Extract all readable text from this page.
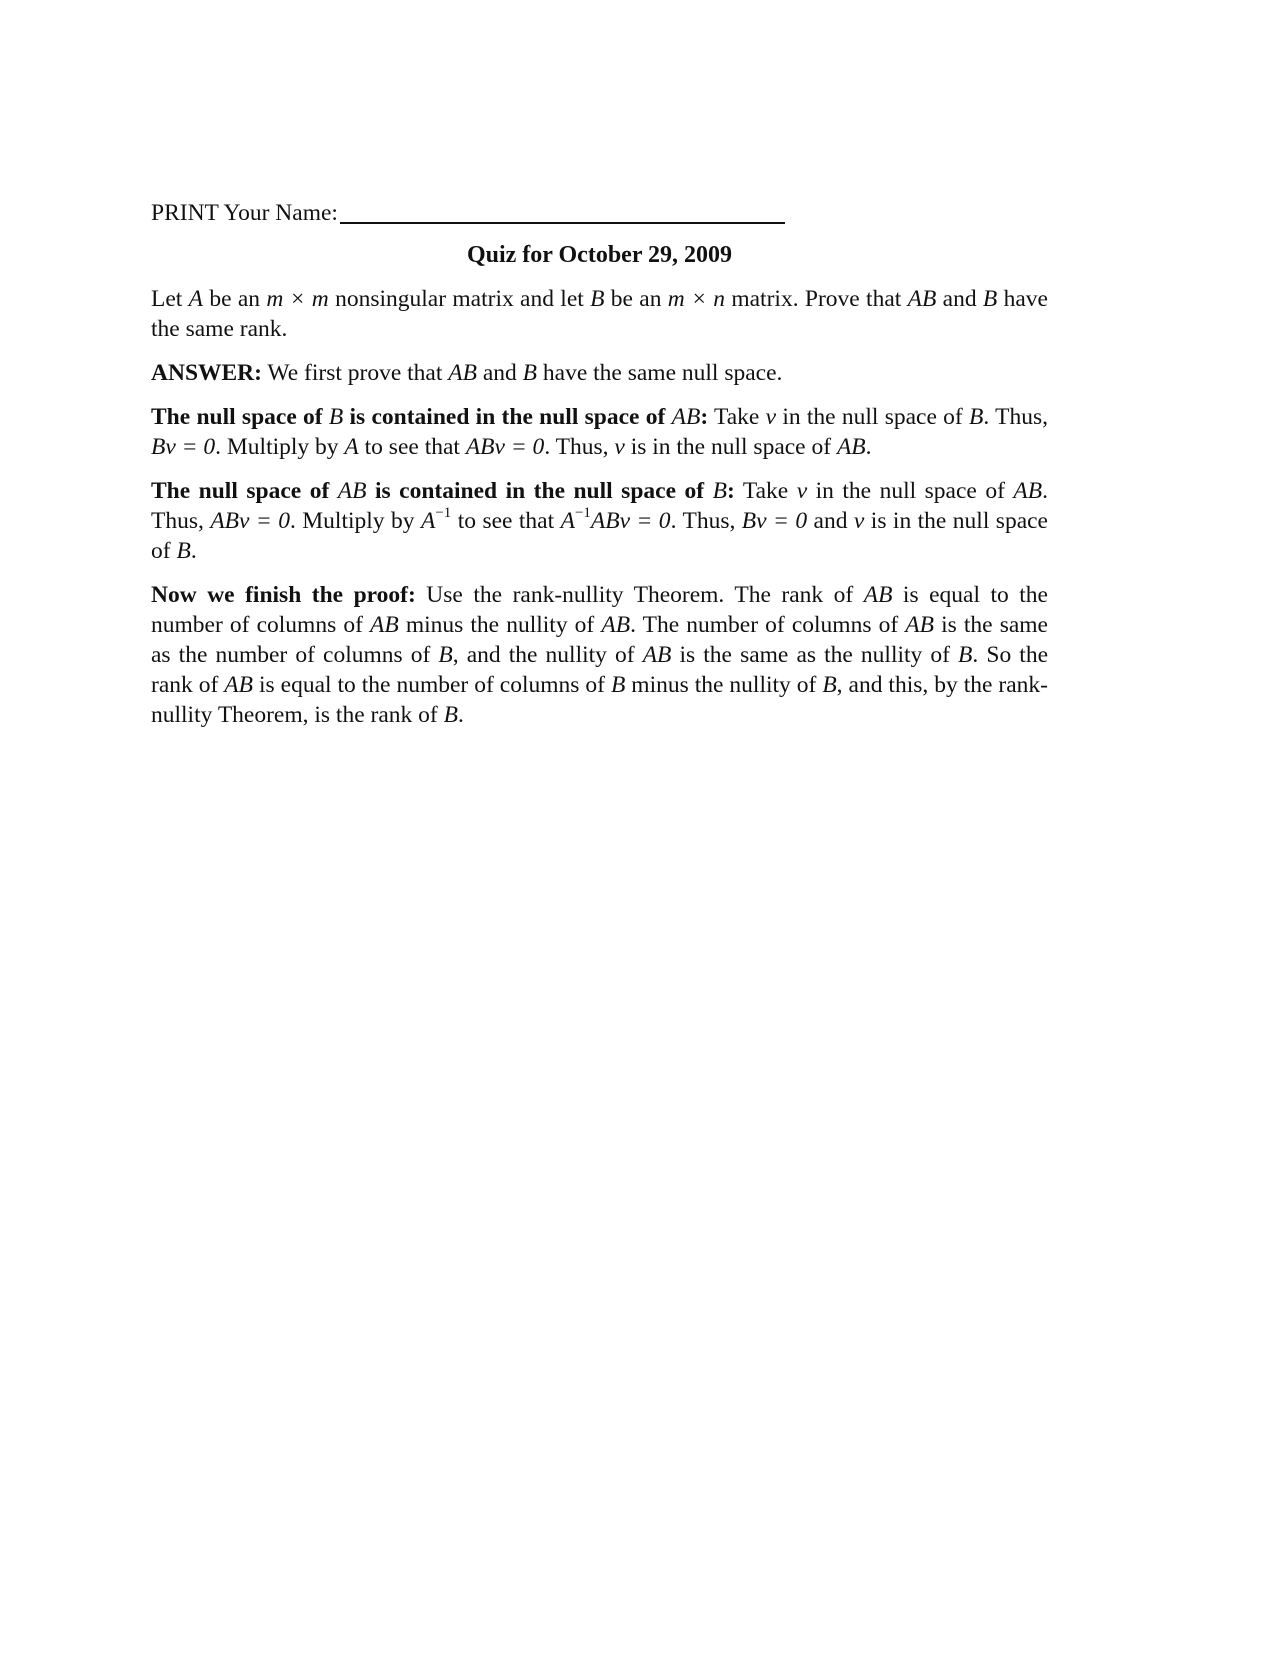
PRINT Your Name:
Quiz for October 29, 2009

Let A be an m × m nonsingular matrix and let B be an m × n matrix. Prove that AB and B have the same rank.

ANSWER: We first prove that AB and B have the same null space.

The null space of B is contained in the null space of AB: Take v in the null space of B. Thus, Bv = 0. Multiply by A to see that ABv = 0. Thus, v is in the null space of AB.

The null space of AB is contained in the null space of B: Take v in the null space of AB. Thus, ABv = 0. Multiply by $A^{-1}$ to see that $A^{-1}ABv = 0$. Thus, Bv = 0 and v is in the null space of B.

Now we finish the proof: Use the rank-nullity Theorem. The rank of AB is equal to the number of columns of AB minus the nullity of AB. The number of columns of AB is the same as the number of columns of B, and the nullity of AB is the same as the nullity of B. So the rank of AB is equal to the number of columns of B minus the nullity of B, and this, by the rank-nullity Theorem, is the rank of B.
